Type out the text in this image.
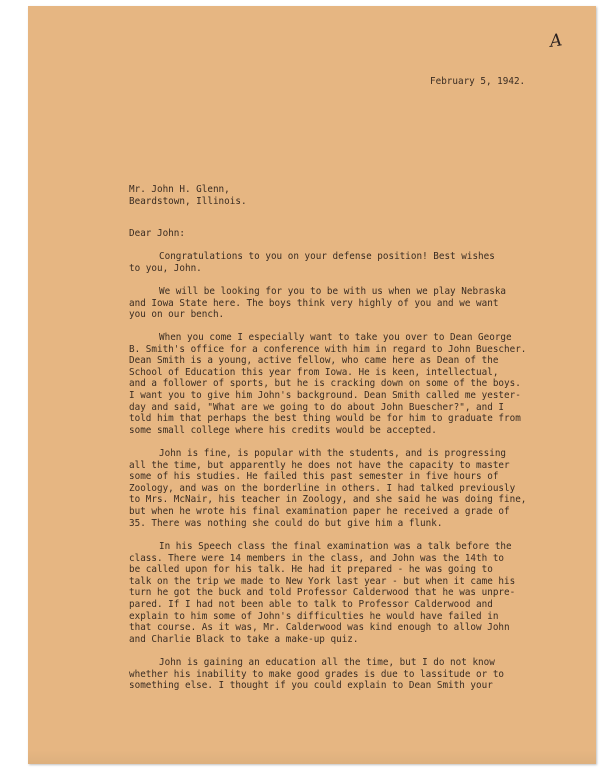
A
February 5, 1942.
Mr. John H. Glenn,
Beardstown, Illinois.
Dear John:
Congratulations to you on your defense position! Best wishes
to you, John.
We will be looking for you to be with us when we play Nebraska
and Iowa State here. The boys think very highly of you and we want
you on our bench.
When you come I especially want to take you over to Dean George
B. Smith's office for a conference with him in regard to John Buescher.
Dean Smith is a young, active fellow, who came here as Dean of the
School of Education this year from Iowa. He is keen, intellectual,
and a follower of sports, but he is cracking down on some of the boys.
I want you to give him John's background. Dean Smith called me yester-
day and said, "What are we going to do about John Buescher?", and I
told him that perhaps the best thing would be for him to graduate from
some small college where his credits would be accepted.
John is fine, is popular with the students, and is progressing
all the time, but apparently he does not have the capacity to master
some of his studies. He failed this past semester in five hours of
Zoology, and was on the borderline in others. I had talked previously
to Mrs. McNair, his teacher in Zoology, and she said he was doing fine,
but when he wrote his final examination paper he received a grade of
35. There was nothing she could do but give him a flunk.
In his Speech class the final examination was a talk before the
class. There were 14 members in the class, and John was the 14th to
be called upon for his talk. He had it prepared - he was going to
talk on the trip we made to New York last year - but when it came his
turn he got the buck and told Professor Calderwood that he was unpre-
pared. If I had not been able to talk to Professor Calderwood and
explain to him some of John's difficulties he would have failed in
that course. As it was, Mr. Calderwood was kind enough to allow John
and Charlie Black to take a make-up quiz.
John is gaining an education all the time, but I do not know
whether his inability to make good grades is due to lassitude or to
something else. I thought if you could explain to Dean Smith your
